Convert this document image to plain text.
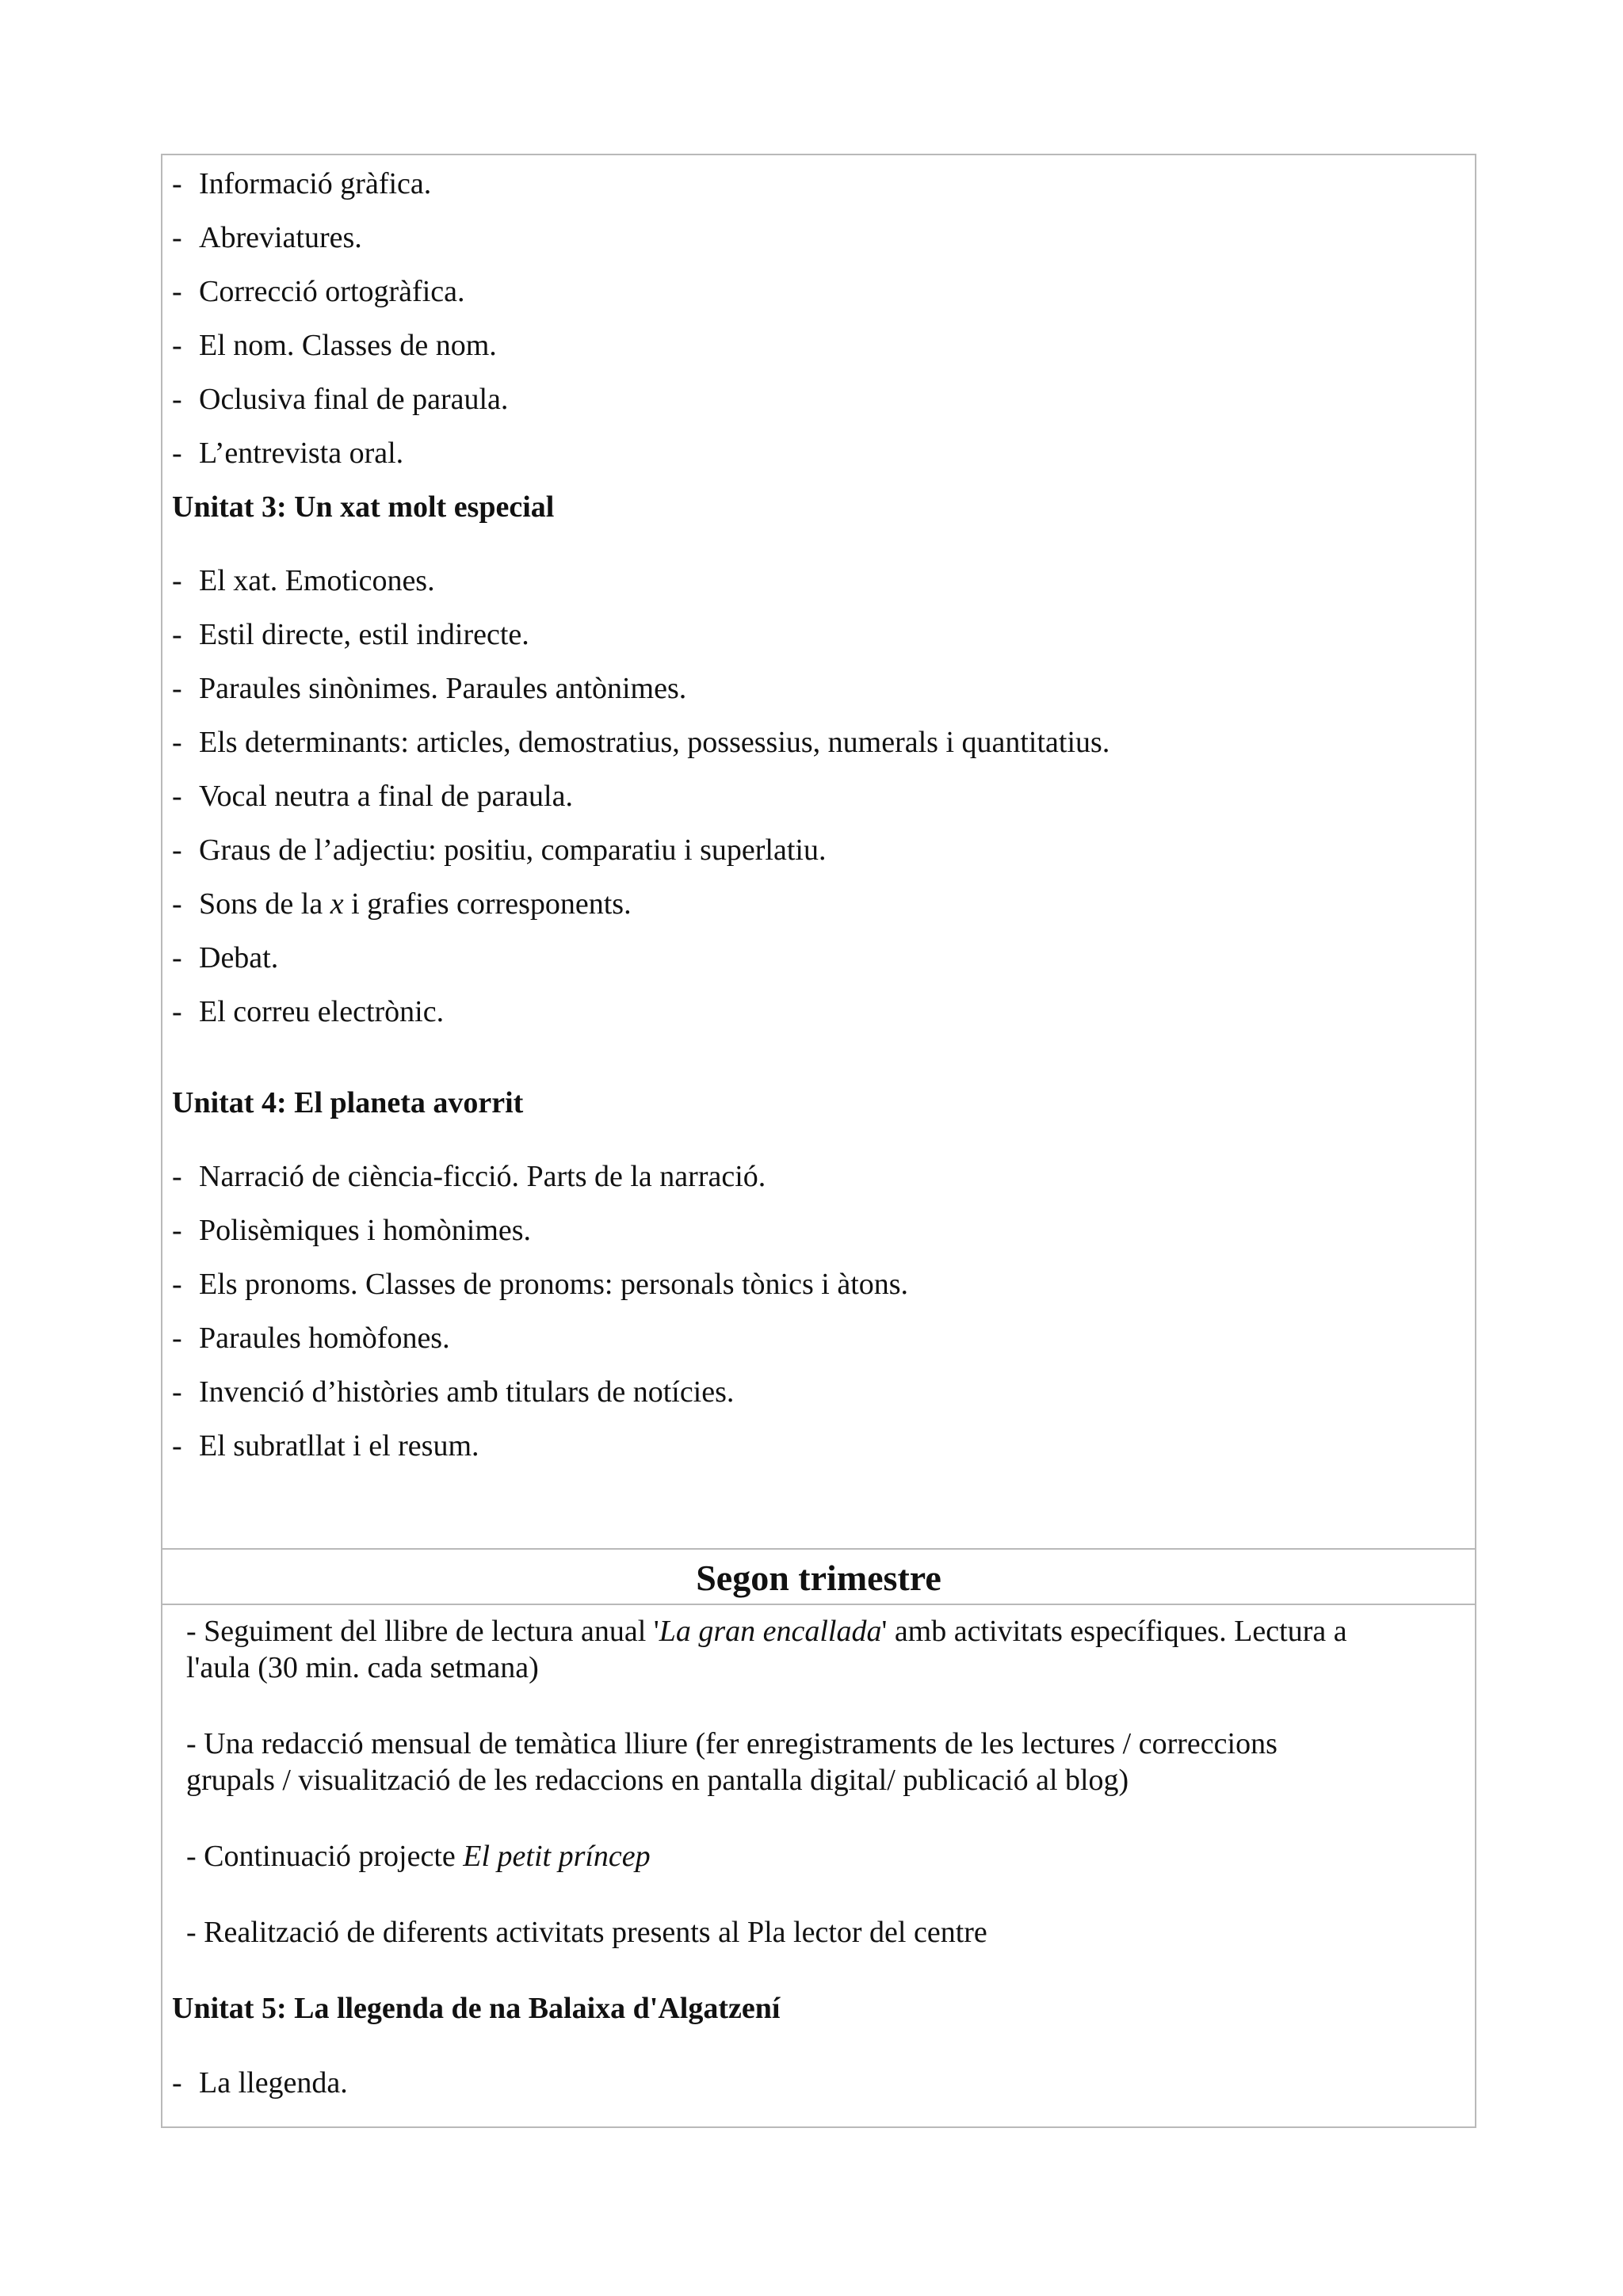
- Informació gràfica.
- Abreviatures.
- Correcció ortogràfica.
- El nom. Classes de nom.
- Oclusiva final de paraula.
- L’entrevista oral.
Unitat 3: Un xat molt especial
- El xat. Emoticones.
- Estil directe, estil indirecte.
- Paraules sinònimes. Paraules antònimes.
- Els determinants: articles, demostratius, possessius, numerals i quantitatius.
- Vocal neutra a final de paraula.
- Graus de l’adjectiu: positiu, comparatiu i superlatiu.
- Sons de la x i grafies corresponents.
- Debat.
- El correu electrònic.
Unitat 4: El planeta avorrit
- Narració de ciència-ficció. Parts de la narració.
- Polisèmiques i homònimes.
- Els pronoms. Classes de pronoms: personals tònics i àtons.
- Paraules homòfones.
- Invenció d’històries amb titulars de notícies.
- El subratllat i el resum.
Segon trimestre
- Seguiment del llibre de lectura anual 'La gran encallada' amb activitats específiques. Lectura a
l'aula (30 min. cada setmana)
- Una redacció mensual de temàtica lliure (fer enregistraments de les lectures / correccions
grupals / visualització de les redaccions en pantalla digital/ publicació al blog)
- Continuació projecte El petit príncep
- Realització de diferents activitats presents al Pla lector del centre
Unitat 5: La llegenda de na Balaixa d'Algatzení
- La llegenda.
